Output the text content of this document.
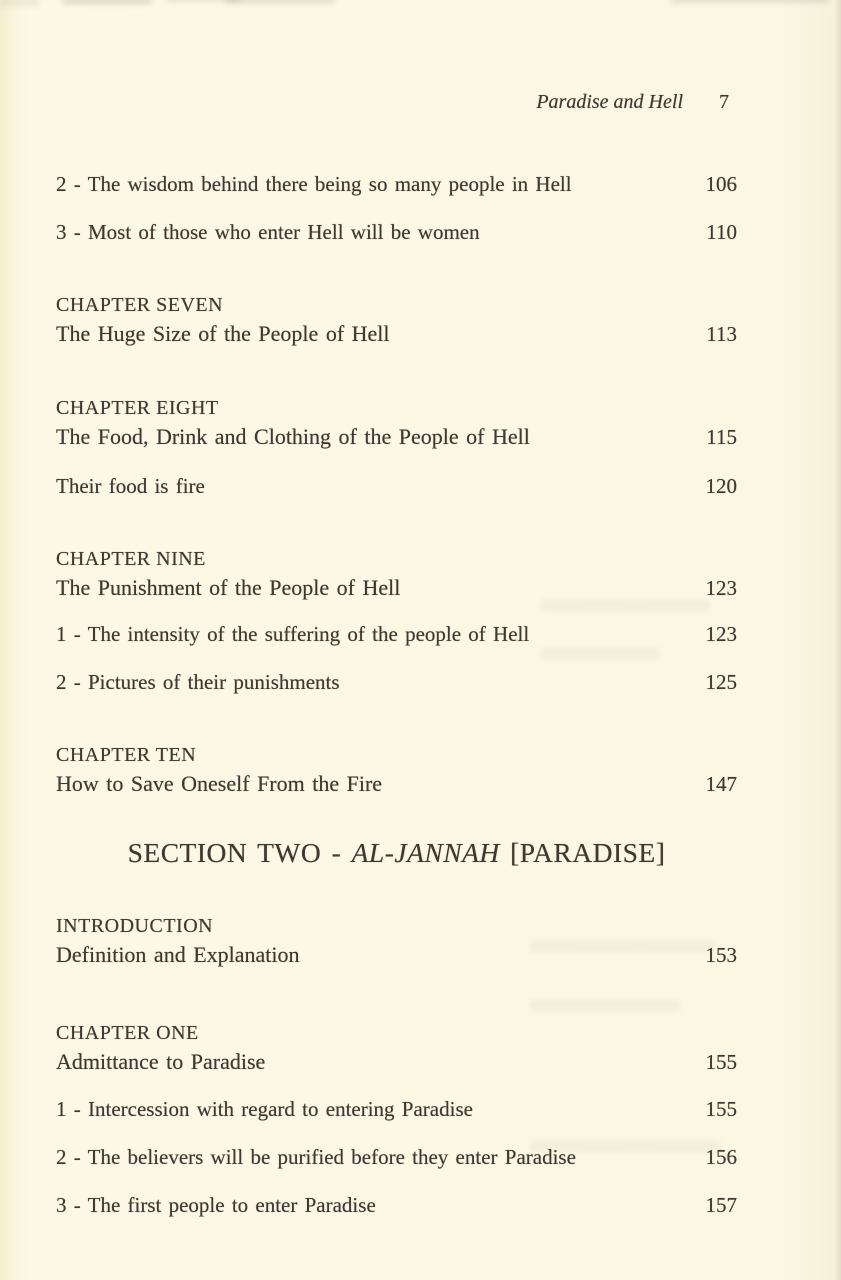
Paradise and Hell 7
2 - The wisdom behind there being so many people in Hell	106
3 - Most of those who enter Hell will be women	110
CHAPTER SEVEN
The Huge Size of the People of Hell	113
CHAPTER EIGHT
The Food, Drink and Clothing of the People of Hell	115
Their food is fire	120
CHAPTER NINE
The Punishment of the People of Hell	123
1 - The intensity of the suffering of the people of Hell	123
2 - Pictures of their punishments	125
CHAPTER TEN
How to Save Oneself From the Fire	147
SECTION TWO - AL-JANNAH [PARADISE]
INTRODUCTION
Definition and Explanation	153
CHAPTER ONE
Admittance to Paradise	155
1 - Intercession with regard to entering Paradise	155
2 - The believers will be purified before they enter Paradise	156
3 - The first people to enter Paradise	157
